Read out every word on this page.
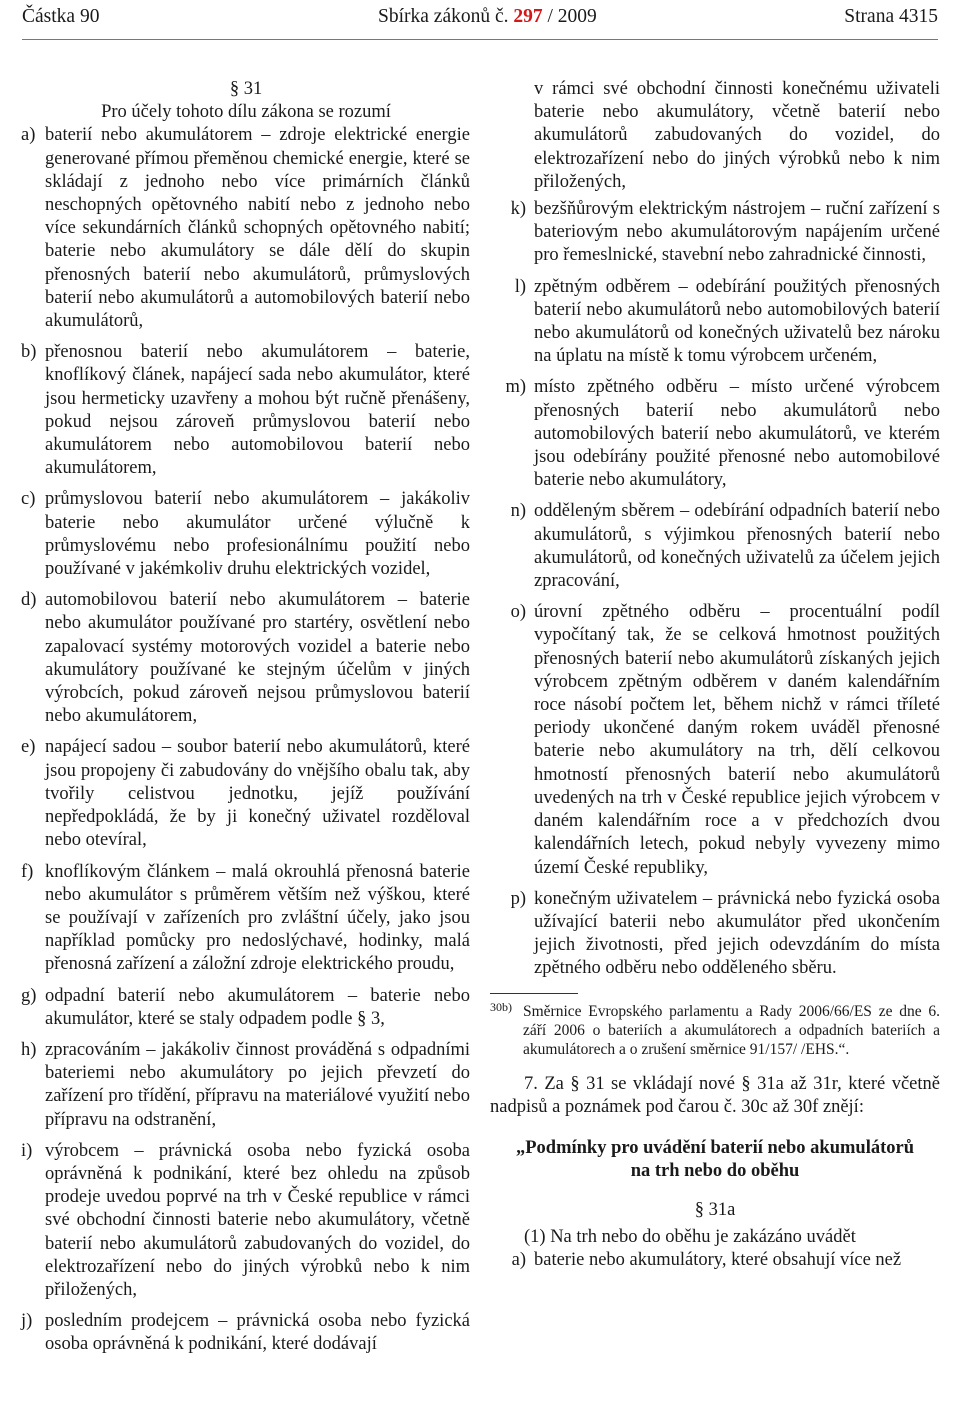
Částka 90	Sbírka zákonů č. 297 / 2009	Strana 4315
§ 31
Pro účely tohoto dílu zákona se rozumí
a) baterií nebo akumulátorem – zdroje elektrické energie generované přímou přeměnou chemické energie, které se skládají z jednoho nebo více primárních článků neschopných opětovného nabití nebo z jednoho nebo více sekundárních článků schopných opětovného nabití; baterie nebo akumulátory se dále dělí do skupin přenosných baterií nebo akumulátorů, průmyslových baterií nebo akumulátorů a automobilových baterií nebo akumulátorů,
b) přenosnou baterií nebo akumulátorem – baterie, knoflíkový článek, napájecí sada nebo akumulátor, které jsou hermeticky uzavřeny a mohou být ručně přenášeny, pokud nejsou zároveň průmyslovou baterií nebo akumulátorem nebo automobilovou baterií nebo akumulátorem,
c) průmyslovou baterií nebo akumulátorem – jakákoliv baterie nebo akumulátor určené výlučně k průmyslovému nebo profesionálnímu použití nebo používané v jakémkoliv druhu elektrických vozidel,
d) automobilovou baterií nebo akumulátorem – baterie nebo akumulátor používané pro startéry, osvětlení nebo zapalovací systémy motorových vozidel a baterie nebo akumulátory používané ke stejným účelům v jiných výrobcích, pokud zároveň nejsou průmyslovou baterií nebo akumulátorem,
e) napájecí sadou – soubor baterií nebo akumulátorů, které jsou propojeny či zabudovány do vnějšího obalu tak, aby tvořily celistvou jednotku, jejíž používání nepředpokládá, že by ji konečný uživatel rozděloval nebo otevíral,
f) knoflíkovým článkem – malá okrouhlá přenosná baterie nebo akumulátor s průměrem větším než výškou, které se používají v zařízeních pro zvláštní účely, jako jsou například pomůcky pro nedoslýchavé, hodinky, malá přenosná zařízení a záložní zdroje elektrického proudu,
g) odpadní baterií nebo akumulátorem – baterie nebo akumulátor, které se staly odpadem podle § 3,
h) zpracováním – jakákoliv činnost prováděná s odpadními bateriemi nebo akumulátory po jejich převzetí do zařízení pro třídění, přípravu na materiálové využití nebo přípravu na odstranění,
i) výrobcem – právnická osoba nebo fyzická osoba oprávněná k podnikání, které bez ohledu na způsob prodeje uvedou poprvé na trh v České republice v rámci své obchodní činnosti baterie nebo akumulátory, včetně baterií nebo akumulátorů zabudovaných do vozidel, do elektrozařízení nebo do jiných výrobků nebo k nim přiložených,
j) posledním prodejcem – právnická osoba nebo fyzická osoba oprávněná k podnikání, které dodávají
v rámci své obchodní činnosti konečnému uživateli baterie nebo akumulátory, včetně baterií nebo akumulátorů zabudovaných do vozidel, do elektrozařízení nebo do jiných výrobků nebo k nim přiložených,
k) bezšňůrovým elektrickým nástrojem – ruční zařízení s bateriovým nebo akumulátorovým napájením určené pro řemeslnické, stavební nebo zahradnické činnosti,
l) zpětným odběrem – odebírání použitých přenosných baterií nebo akumulátorů nebo automobilových baterií nebo akumulátorů od konečných uživatelů bez nároku na úplatu na místě k tomu výrobcem určeném,
m) místo zpětného odběru – místo určené výrobcem přenosných baterií nebo akumulátorů nebo automobilových baterií nebo akumulátorů, ve kterém jsou odebírány použité přenosné nebo automobilové baterie nebo akumulátory,
n) odděleným sběrem – odebírání odpadních baterií nebo akumulátorů, s výjimkou přenosných baterií nebo akumulátorů, od konečných uživatelů za účelem jejich zpracování,
o) úrovní zpětného odběru – procentuální podíl vypočítaný tak, že se celková hmotnost použitých přenosných baterií nebo akumulátorů získaných jejich výrobcem zpětným odběrem v daném kalendářním roce násobí počtem let, během nichž v rámci tříleté periody ukončené daným rokem uváděl přenosné baterie nebo akumulátory na trh, dělí celkovou hmotností přenosných baterií nebo akumulátorů uvedených na trh v České republice jejich výrobcem v daném kalendářním roce a v předchozích dvou kalendářních letech, pokud nebyly vyvezeny mimo území České republiky,
p) konečným uživatelem – právnická nebo fyzická osoba užívající baterii nebo akumulátor před ukončením jejich životnosti, před jejich odevzdáním do místa zpětného odběru nebo odděleného sběru.
30b) Směrnice Evropského parlamentu a Rady 2006/66/ES ze dne 6. září 2006 o bateriích a akumulátorech a odpadních bateriích a akumulátorech a o zrušení směrnice 91/157/ /EHS.“.
7. Za § 31 se vkládají nové § 31a až 31r, které včetně nadpisů a poznámek pod čarou č. 30c až 30f znějí:
„Podmínky pro uvádění baterií nebo akumulátorů
na trh nebo do oběhu
§ 31a
(1) Na trh nebo do oběhu je zakázáno uvádět
a) baterie nebo akumulátory, které obsahují více než
